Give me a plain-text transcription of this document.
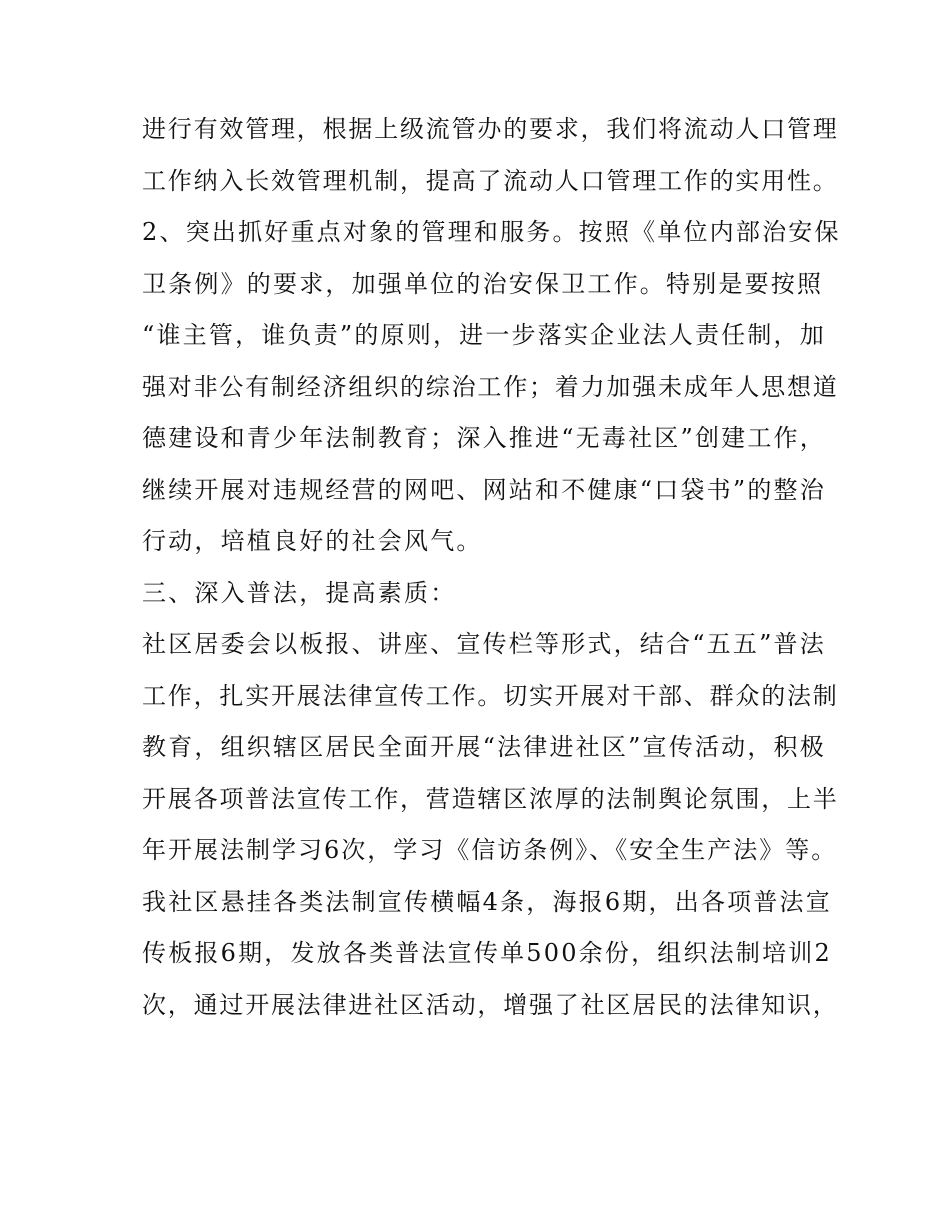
进行有效管理，根据上级流管办的要求，我们将流动人口管理
工作纳入长效管理机制，提高了流动人口管理工作的实用性。
2、突出抓好重点对象的管理和服务。按照《单位内部治安保
卫条例》的要求，加强单位的治安保卫工作。特别是要按照
“谁主管，谁负责”的原则，进一步落实企业法人责任制，加
强对非公有制经济组织的综治工作；着力加强未成年人思想道
德建设和青少年法制教育；深入推进“无毒社区”创建工作，
继续开展对违规经营的网吧、网站和不健康“口袋书”的整治
行动，培植良好的社会风气。
三、深入普法，提高素质：
社区居委会以板报、讲座、宣传栏等形式，结合“五五”普法
工作，扎实开展法律宣传工作。切实开展对干部、群众的法制
教育，组织辖区居民全面开展“法律进社区”宣传活动，积极
开展各项普法宣传工作，营造辖区浓厚的法制舆论氛围，上半
年开展法制学习6次，学习《信访条例》、《安全生产法》等。
我社区悬挂各类法制宣传横幅4条，海报6期，出各项普法宣
传板报6期，发放各类普法宣传单500余份，组织法制培训2
次，通过开展法律进社区活动，增强了社区居民的法律知识，
